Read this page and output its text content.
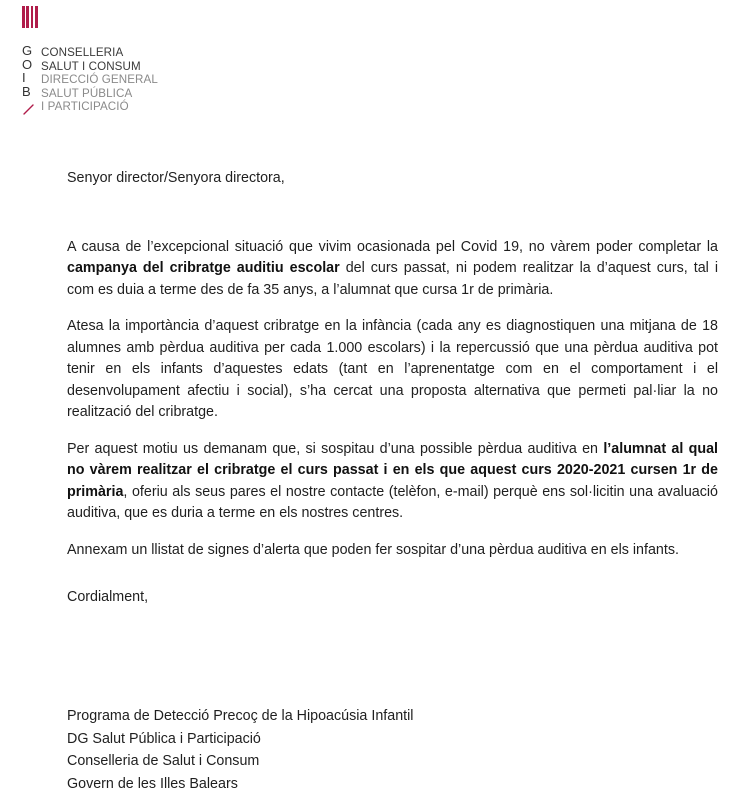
G
O
I
B
CONSELLERIA
SALUT I CONSUM
DIRECCIÓ GENERAL
SALUT PÚBLICA
I PARTICIPACIÓ

Senyor director/Senyora directora,

A causa de l’excepcional situació que vivim ocasionada pel Covid 19, no vàrem poder completar la campanya del cribratge auditiu escolar del curs passat, ni podem realitzar la d’aquest curs, tal i com es duia a terme des de fa 35 anys, a l’alumnat que cursa 1r de primària.

Atesa la importància d’aquest cribratge en la infància (cada any es diagnostiquen una mitjana de 18 alumnes amb pèrdua auditiva per cada 1.000 escolars) i la repercussió que una pèrdua auditiva pot tenir en els infants d’aquestes edats (tant en l’aprenentatge com en el comportament i el desenvolupament afectiu i social), s’ha cercat una proposta alternativa que permeti pal·liar la no realització del cribratge.

Per aquest motiu us demanam que, si sospitau d’una possible pèrdua auditiva en l’alumnat al qual no vàrem realitzar el cribratge el curs passat i en els que aquest curs 2020-2021 cursen 1r de primària, oferiu als seus pares el nostre contacte (telèfon, e-mail) perquè ens sol·licitin una avaluació auditiva, que es duria a terme en els nostres centres.

Annexam un llistat de signes d’alerta que poden fer sospitar d’una pèrdua auditiva en els infants.

Cordialment,

Programa de Detecció Precoç de la Hipoacúsia Infantil
DG Salut Pública i Participació
Conselleria de Salut i Consum
Govern de les Illes Balears
